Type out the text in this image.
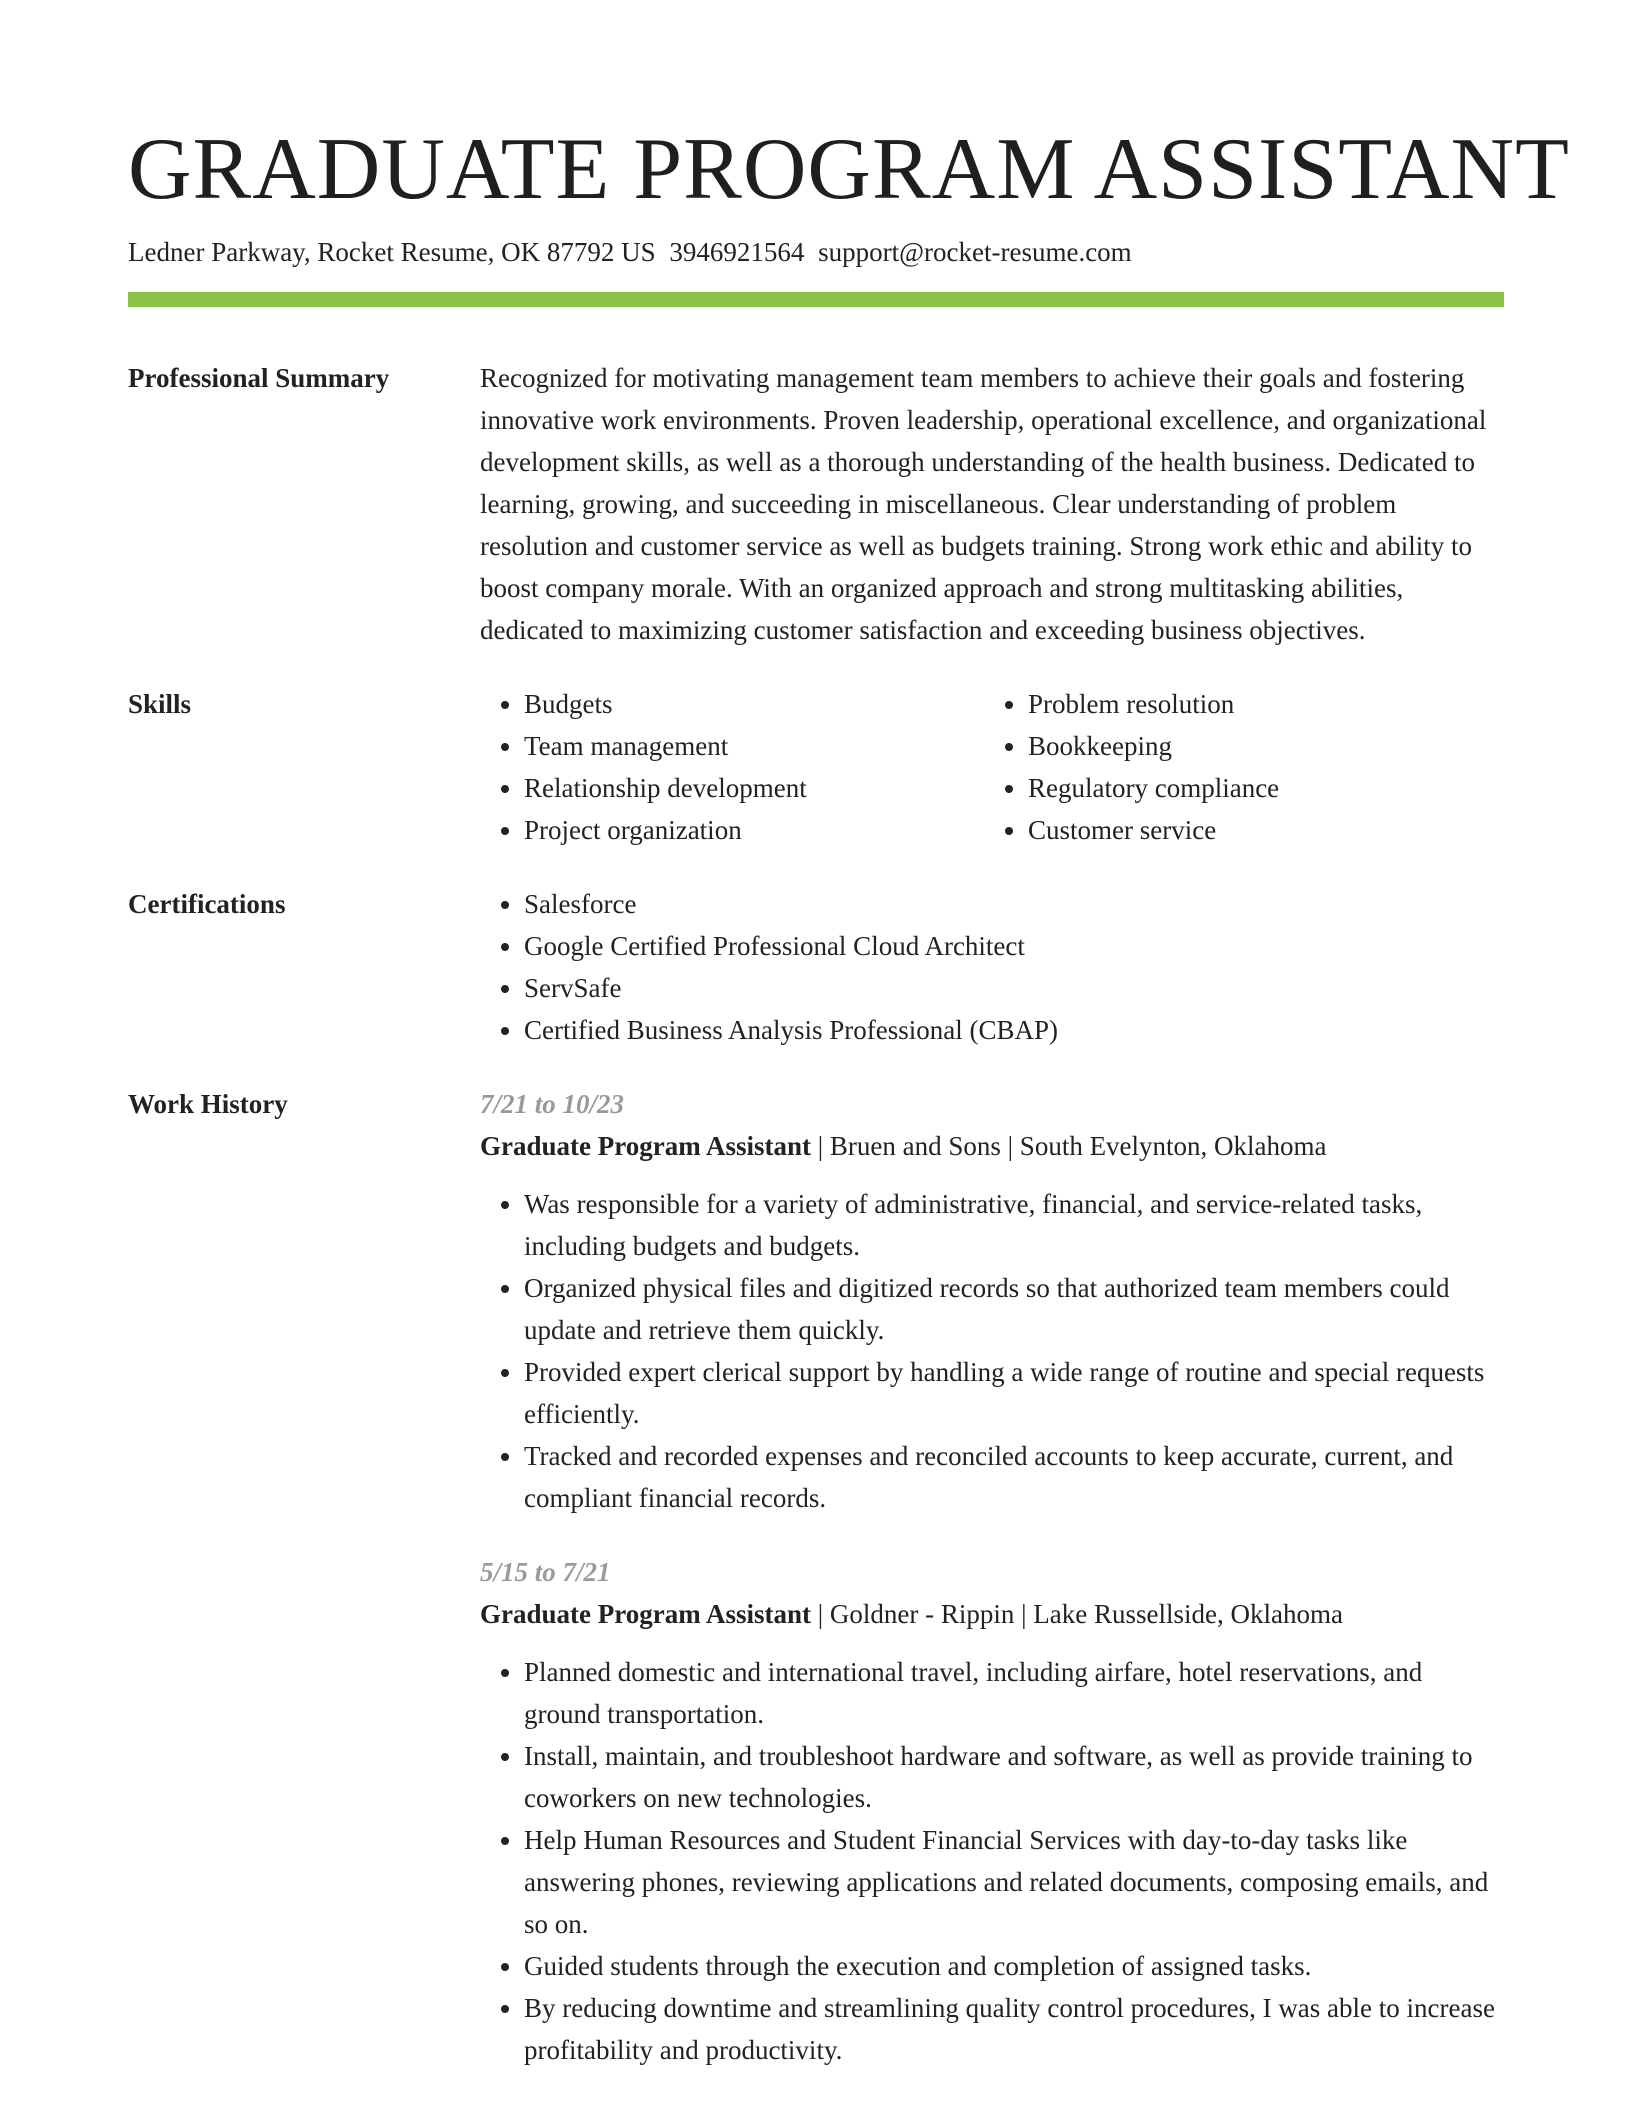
GRADUATE PROGRAM ASSISTANT
Ledner Parkway, Rocket Resume, OK 87792 US 3946921564 support@rocket-resume.com
Professional Summary	Recognized for motivating management team members to achieve their goals and fostering innovative work environments. Proven leadership, operational excellence, and organizational development skills, as well as a thorough understanding of the health business. Dedicated to learning, growing, and succeeding in miscellaneous. Clear understanding of problem resolution and customer service as well as budgets training. Strong work ethic and ability to boost company morale. With an organized approach and strong multitasking abilities, dedicated to maximizing customer satisfaction and exceeding business objectives.
Skills	• Budgets
• Team management
• Relationship development
• Project organization
• Problem resolution
• Bookkeeping
• Regulatory compliance
• Customer service
Certifications	• Salesforce
• Google Certified Professional Cloud Architect
• ServSafe
• Certified Business Analysis Professional (CBAP)
Work History	7/21 to 10/23
Graduate Program Assistant | Bruen and Sons | South Evelynton, Oklahoma
• Was responsible for a variety of administrative, financial, and service-related tasks, including budgets and budgets.
• Organized physical files and digitized records so that authorized team members could update and retrieve them quickly.
• Provided expert clerical support by handling a wide range of routine and special requests efficiently.
• Tracked and recorded expenses and reconciled accounts to keep accurate, current, and compliant financial records.
5/15 to 7/21
Graduate Program Assistant | Goldner - Rippin | Lake Russellside, Oklahoma
• Planned domestic and international travel, including airfare, hotel reservations, and ground transportation.
• Install, maintain, and troubleshoot hardware and software, as well as provide training to coworkers on new technologies.
• Help Human Resources and Student Financial Services with day-to-day tasks like answering phones, reviewing applications and related documents, composing emails, and so on.
• Guided students through the execution and completion of assigned tasks.
• By reducing downtime and streamlining quality control procedures, I was able to increase profitability and productivity.
